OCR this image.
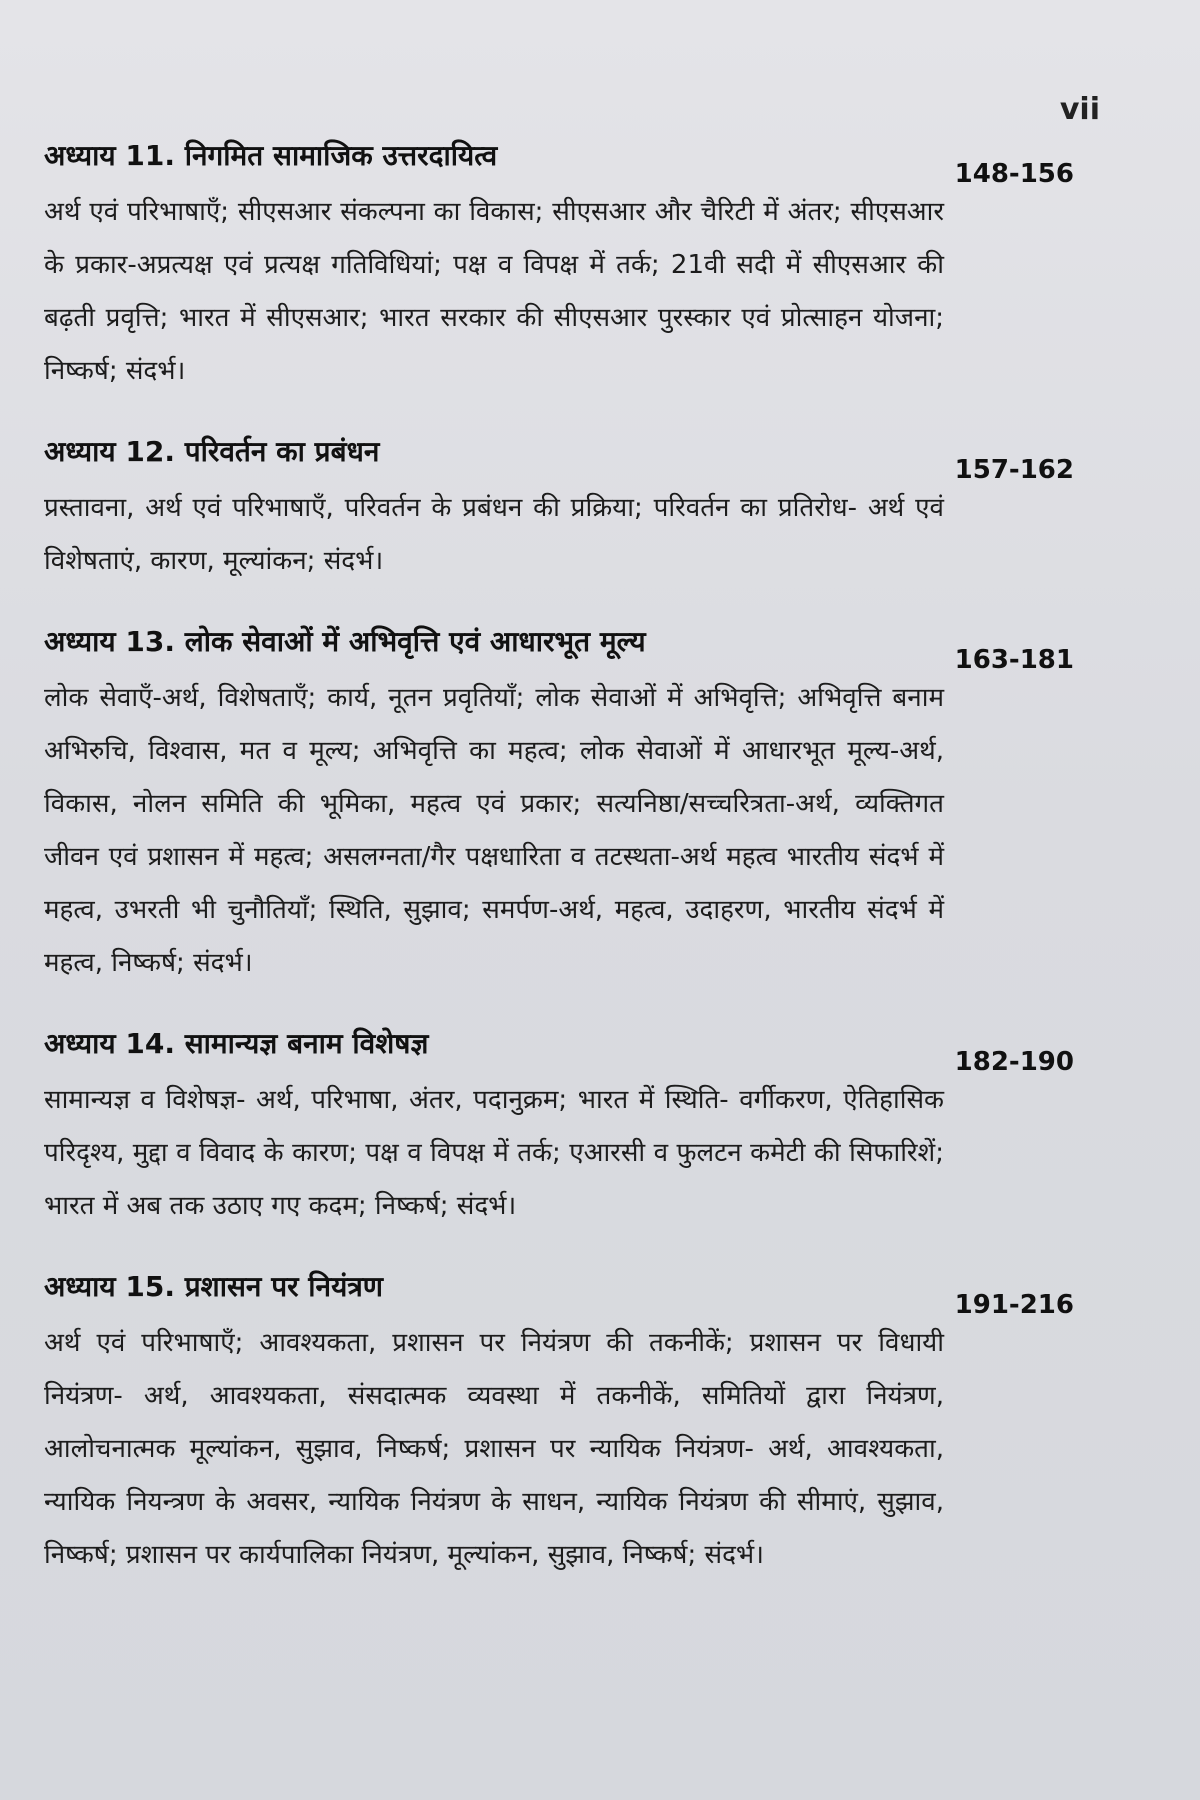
vii
अध्याय 11. निगमित सामाजिक उत्तरदायित्व
148-156
अर्थ एवं परिभाषाएँ; सीएसआर संकल्पना का विकास; सीएसआर और चैरिटी में अंतर; सीएसआर के प्रकार-अप्रत्यक्ष एवं प्रत्यक्ष गतिविधियां; पक्ष व विपक्ष में तर्क; 21वी सदी में सीएसआर की बढ़ती प्रवृत्ति; भारत में सीएसआर; भारत सरकार की सीएसआर पुरस्कार एवं प्रोत्साहन योजना; निष्कर्ष; संदर्भ।
अध्याय 12. परिवर्तन का प्रबंधन
157-162
प्रस्तावना, अर्थ एवं परिभाषाएँ, परिवर्तन के प्रबंधन की प्रक्रिया; परिवर्तन का प्रतिरोध- अर्थ एवं विशेषताएं, कारण, मूल्यांकन; संदर्भ।
अध्याय 13. लोक सेवाओं में अभिवृत्ति एवं आधारभूत मूल्य
163-181
लोक सेवाएँ-अर्थ, विशेषताएँ; कार्य, नूतन प्रवृतियाँ; लोक सेवाओं में अभिवृत्ति; अभिवृत्ति बनाम अभिरुचि, विश्वास, मत व मूल्य; अभिवृत्ति का महत्व; लोक सेवाओं में आधारभूत मूल्य-अर्थ, विकास, नोलन समिति की भूमिका, महत्व एवं प्रकार; सत्यनिष्ठा/सच्चरित्रता-अर्थ, व्यक्तिगत जीवन एवं प्रशासन में महत्व; असलग्नता/गैर पक्षधारिता व तटस्थता-अर्थ महत्व भारतीय संदर्भ में महत्व, उभरती भी चुनौतियाँ; स्थिति, सुझाव; समर्पण-अर्थ, महत्व, उदाहरण, भारतीय संदर्भ में महत्व, निष्कर्ष; संदर्भ।
अध्याय 14. सामान्यज्ञ बनाम विशेषज्ञ
182-190
सामान्यज्ञ व विशेषज्ञ- अर्थ, परिभाषा, अंतर, पदानुक्रम; भारत में स्थिति- वर्गीकरण, ऐतिहासिक परिदृश्य, मुद्दा व विवाद के कारण; पक्ष व विपक्ष में तर्क; एआरसी व फुलटन कमेटी की सिफारिशें; भारत में अब तक उठाए गए कदम; निष्कर्ष; संदर्भ।
अध्याय 15. प्रशासन पर नियंत्रण
191-216
अर्थ एवं परिभाषाएँ; आवश्यकता, प्रशासन पर नियंत्रण की तकनीकें; प्रशासन पर विधायी नियंत्रण- अर्थ, आवश्यकता, संसदात्मक व्यवस्था में तकनीकें, समितियों द्वारा नियंत्रण, आलोचनात्मक मूल्यांकन, सुझाव, निष्कर्ष; प्रशासन पर न्यायिक नियंत्रण- अर्थ, आवश्यकता, न्यायिक नियन्त्रण के अवसर, न्यायिक नियंत्रण के साधन, न्यायिक नियंत्रण की सीमाएं, सुझाव, निष्कर्ष; प्रशासन पर कार्यपालिका नियंत्रण, मूल्यांकन, सुझाव, निष्कर्ष; संदर्भ।
